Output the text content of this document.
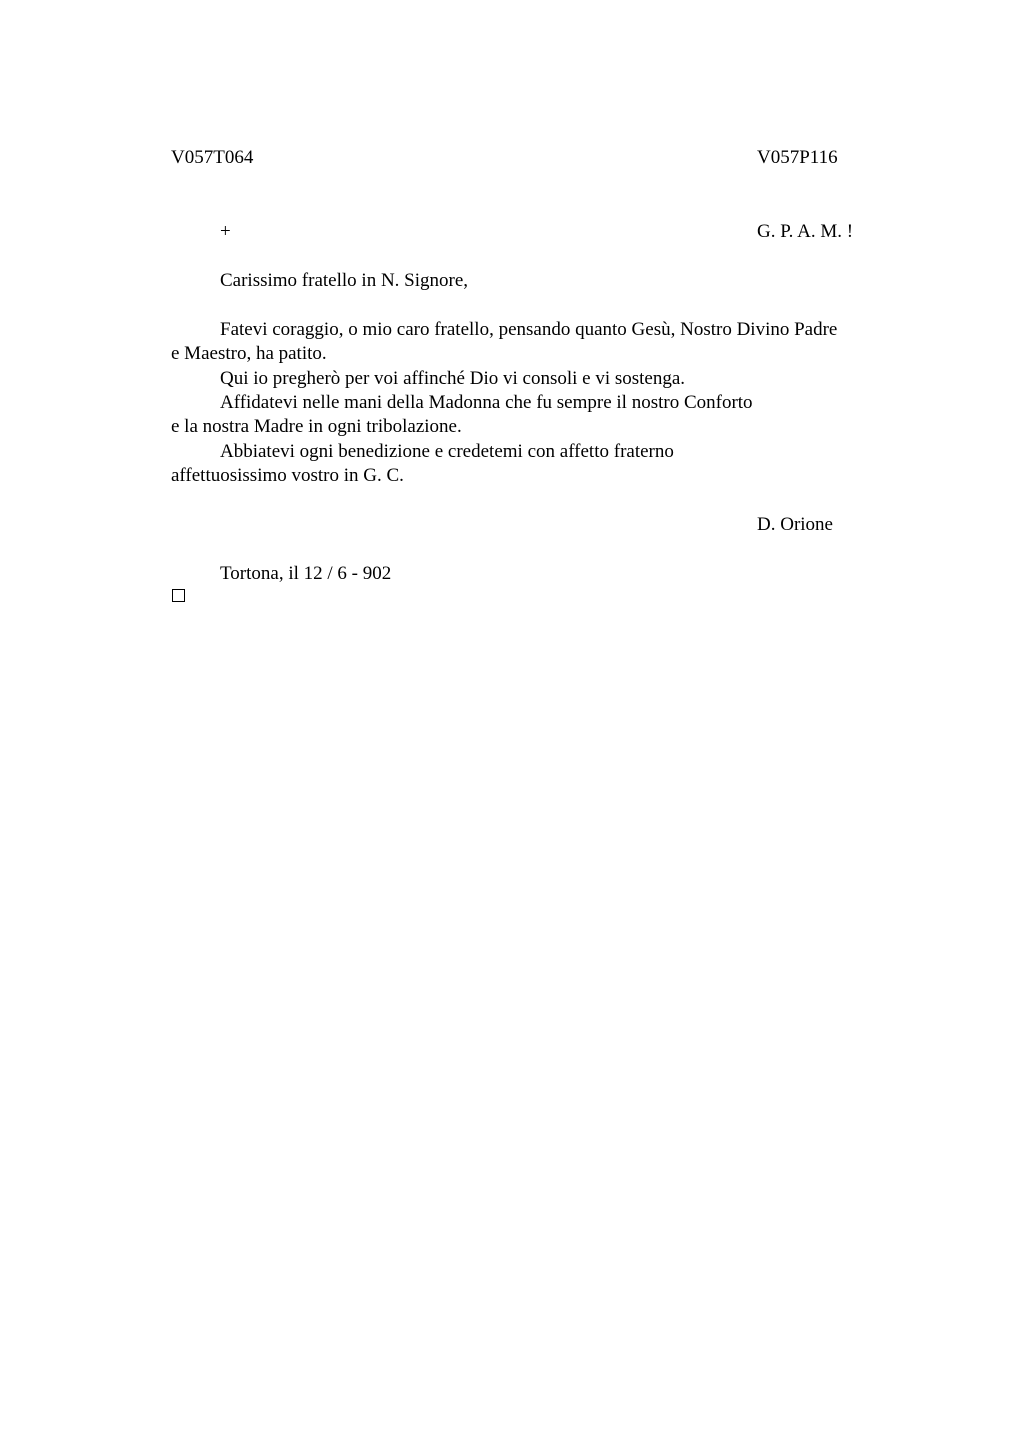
V057T064	V057P116
+	G. P. A. M. !
Carissimo fratello in N. Signore,
Fatevi coraggio, o mio caro fratello, pensando quanto Gesù, Nostro Divino Padre
e Maestro, ha patito.
Qui io pregherò per voi affinché Dio vi consoli e vi sostenga.
Affidatevi nelle mani della Madonna che fu sempre il nostro Conforto
e la nostra Madre in ogni tribolazione.
Abbiatevi ogni benedizione e credetemi con affetto fraterno
affettuosissimo vostro in G. C.
D. Orione
Tortona, il 12 / 6 - 902
